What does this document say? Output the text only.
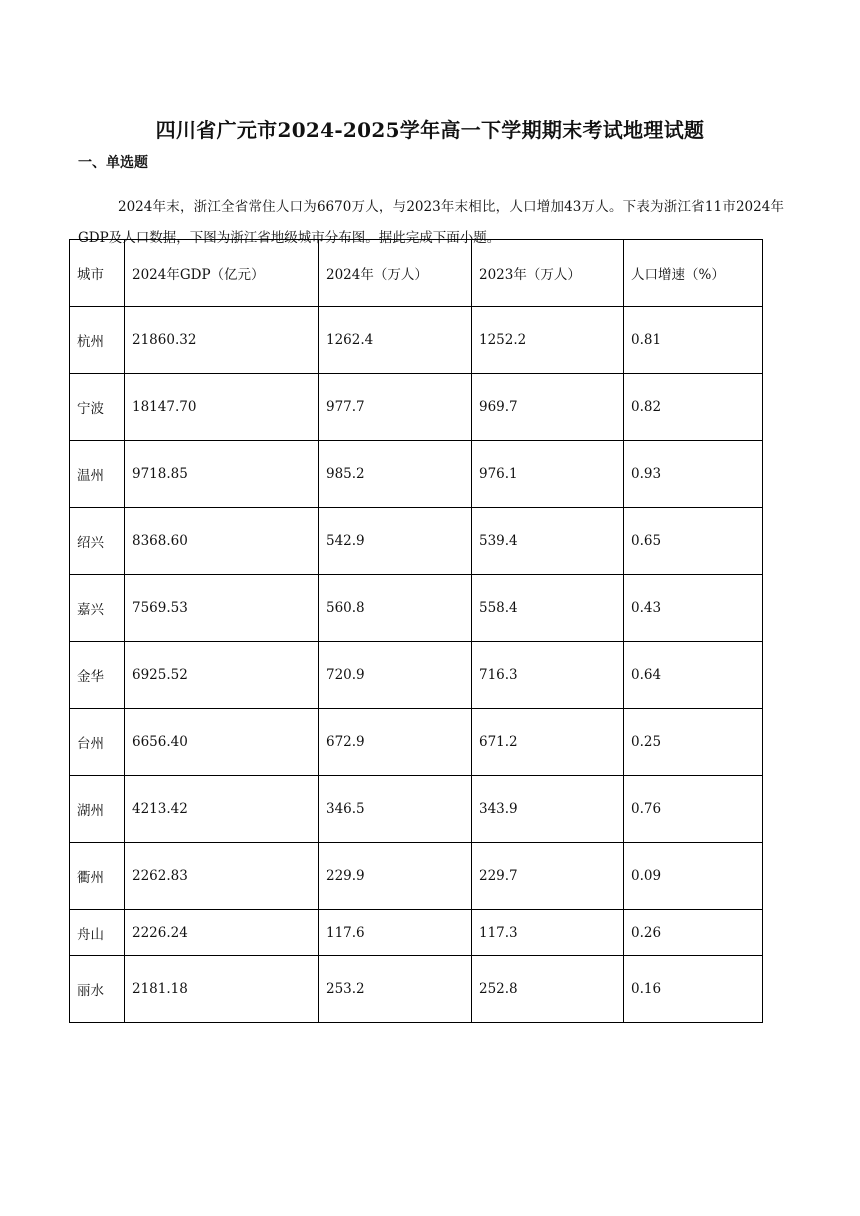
四川省广元市2024-2025学年高一下学期期末考试地理试题
一、单选题

2024年末，浙江全省常住人口为6670万人，与2023年末相比，人口增加43万人。下表为浙江省11市2024年GDP及人口数据，下图为浙江省地级城市分布图。据此完成下面小题。

城市	2024年GDP（亿元）	2024年（万人）	2023年（万人）	人口增速（%）
杭州	21860.32	1262.4	1252.2	0.81
宁波	18147.70	977.7	969.7	0.82
温州	9718.85	985.2	976.1	0.93
绍兴	8368.60	542.9	539.4	0.65
嘉兴	7569.53	560.8	558.4	0.43
金华	6925.52	720.9	716.3	0.64
台州	6656.40	672.9	671.2	0.25
湖州	4213.42	346.5	343.9	0.76
衢州	2262.83	229.9	229.7	0.09
舟山	2226.24	117.6	117.3	0.26
丽水	2181.18	253.2	252.8	0.16
